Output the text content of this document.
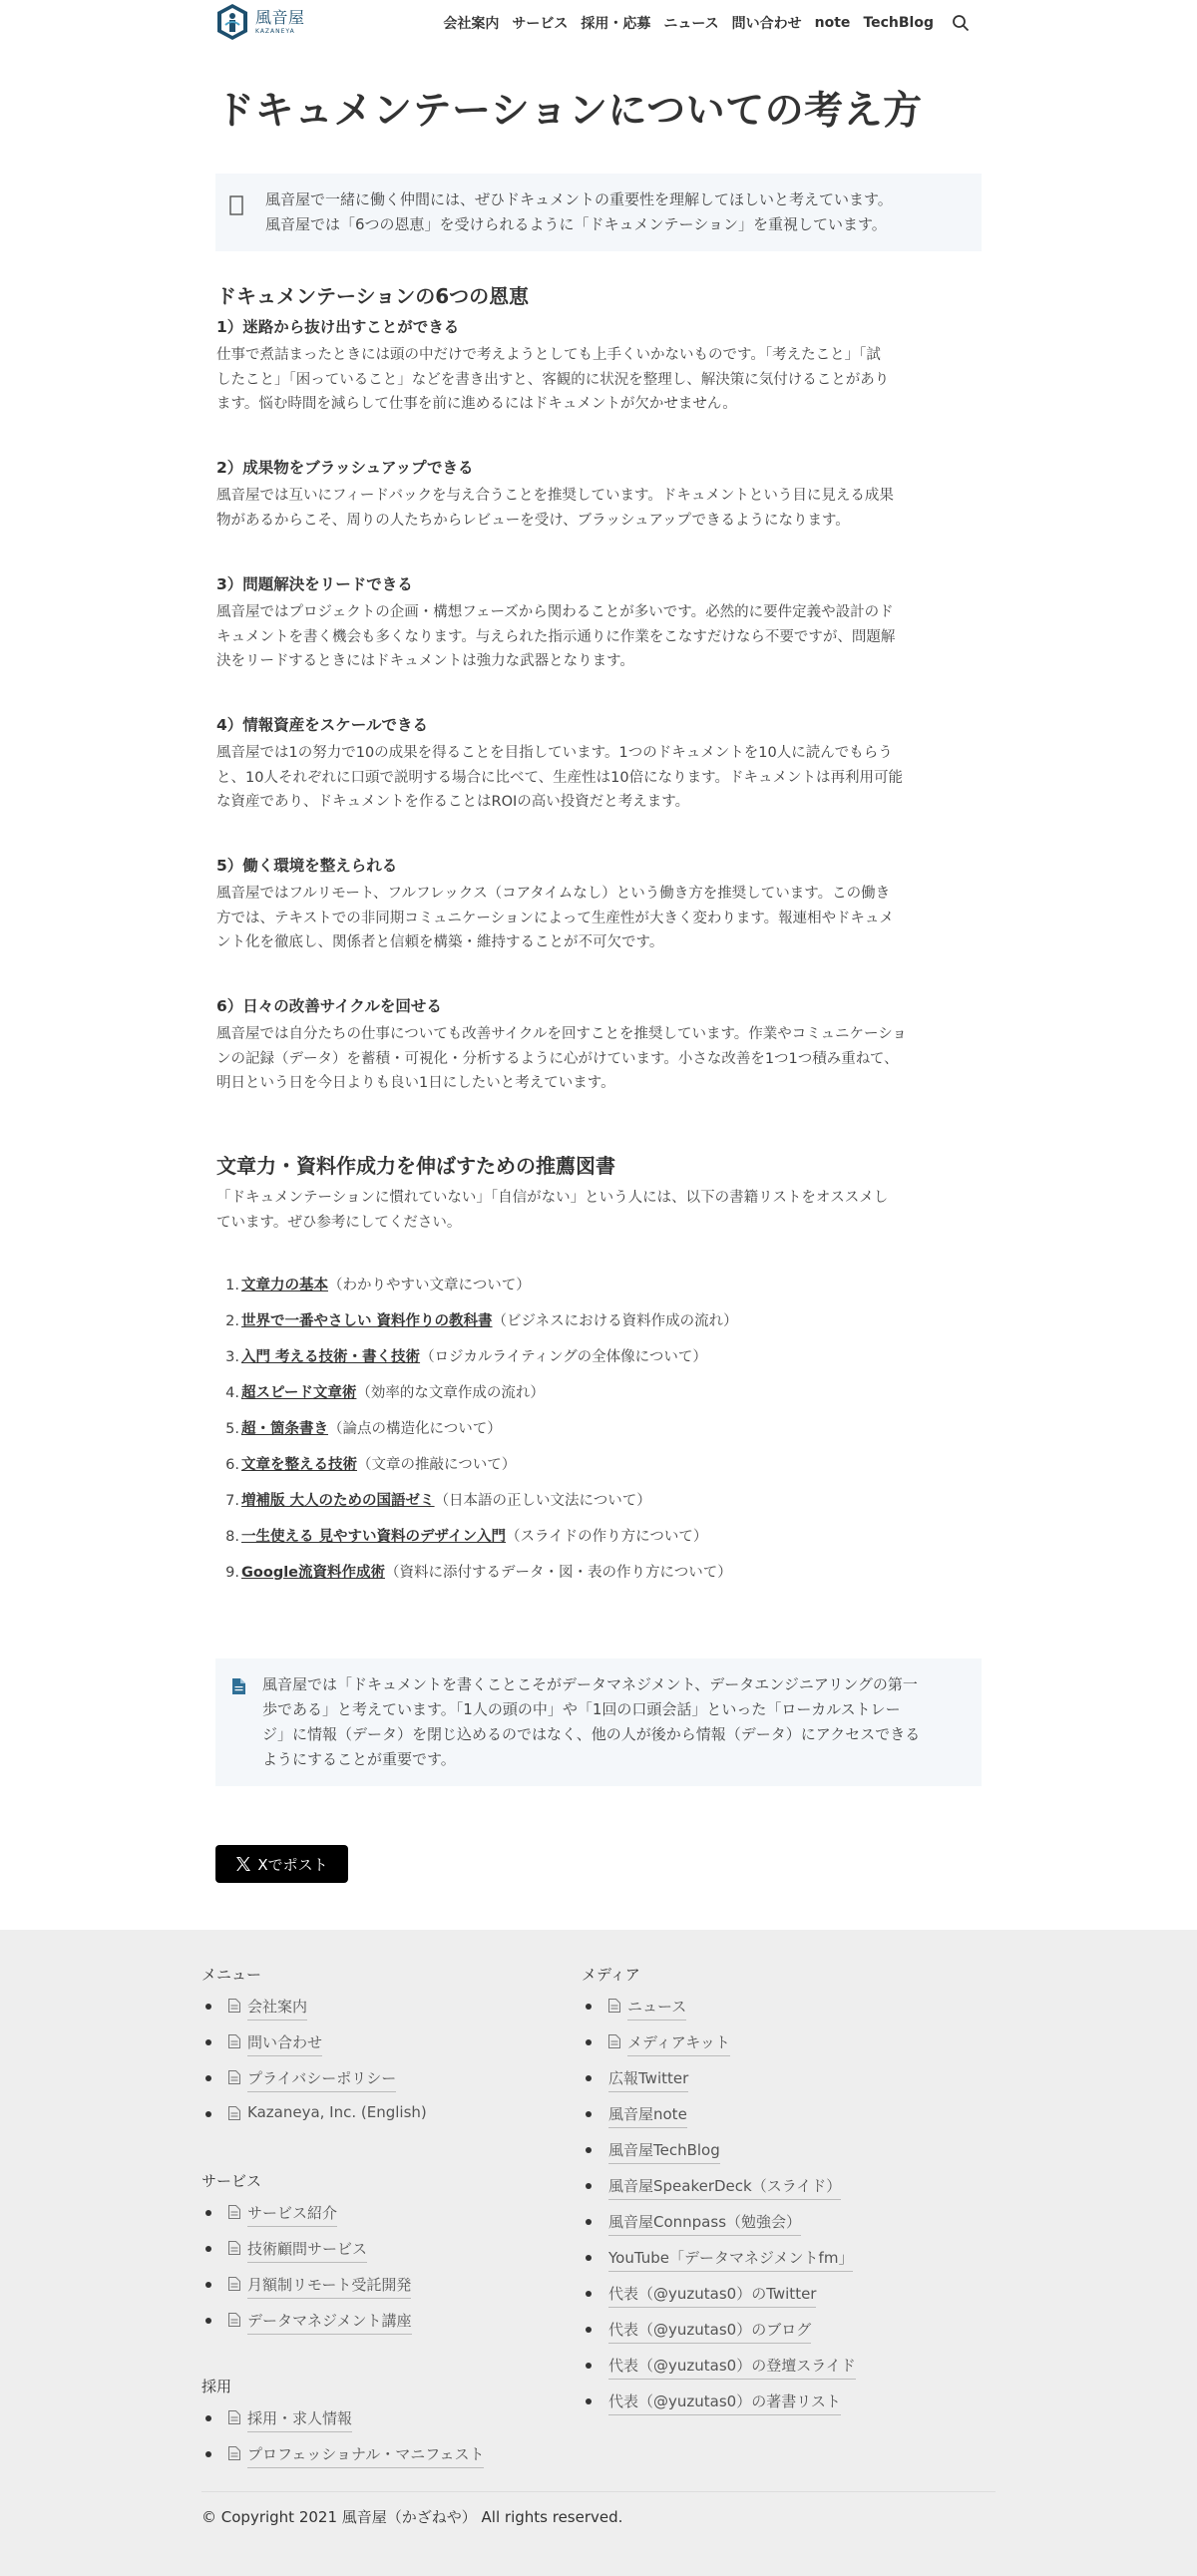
風音屋
KAZANEYA	会社案内 サービス 採用・応募 ニュース 問い合わせ note TechBlog
ドキュメンテーションについての考え方
風音屋で一緒に働く仲間には、ぜひドキュメントの重要性を理解してほしいと考えています。
風音屋では「6つの恩恵」を受けられるように「ドキュメンテーション」を重視しています。
ドキュメンテーションの6つの恩恵
1）迷路から抜け出すことができる

仕事で煮詰まったときには頭の中だけで考えようとしても上手くいかないものです。「考えたこと」「試
したこと」「困っていること」などを書き出すと、客観的に状況を整理し、解決策に気付けることがあり
ます。悩む時間を減らして仕事を前に進めるにはドキュメントが欠かせません。

2）成果物をブラッシュアップできる

風音屋では互いにフィードバックを与え合うことを推奨しています。ドキュメントという目に見える成果
物があるからこそ、周りの人たちからレビューを受け、ブラッシュアップできるようになります。

3）問題解決をリードできる

風音屋ではプロジェクトの企画・構想フェーズから関わることが多いです。必然的に要件定義や設計のド
キュメントを書く機会も多くなります。与えられた指示通りに作業をこなすだけなら不要ですが、問題解
決をリードするときにはドキュメントは強力な武器となります。

4）情報資産をスケールできる

風音屋では1の努力で10の成果を得ることを目指しています。1つのドキュメントを10人に読んでもらう
と、10人それぞれに口頭で説明する場合に比べて、生産性は10倍になります。ドキュメントは再利用可能
な資産であり、ドキュメントを作ることはROIの高い投資だと考えます。

5）働く環境を整えられる

風音屋ではフルリモート、フルフレックス（コアタイムなし）という働き方を推奨しています。この働き
方では、テキストでの非同期コミュニケーションによって生産性が大きく変わります。報連相やドキュメ
ント化を徹底し、関係者と信頼を構築・維持することが不可欠です。

6）日々の改善サイクルを回せる

風音屋では自分たちの仕事についても改善サイクルを回すことを推奨しています。作業やコミュニケーショ
ンの記録（データ）を蓄積・可視化・分析するように心がけています。小さな改善を1つ1つ積み重ねて、
明日という日を今日よりも良い1日にしたいと考えています。

文章力・資料作成力を伸ばすための推薦図書

「ドキュメンテーションに慣れていない」「自信がない」という人には、以下の書籍リストをオススメし
ています。ぜひ参考にしてください。

1. 文章力の基本（わかりやすい文章について）
2. 世界で一番やさしい 資料作りの教科書（ビジネスにおける資料作成の流れ）
3. 入門 考える技術・書く技術（ロジカルライティングの全体像について）
4. 超スピード文章術（効率的な文章作成の流れ）
5. 超・箇条書き（論点の構造化について）
6. 文章を整える技術（文章の推敲について）
7. 増補版 大人のための国語ゼミ（日本語の正しい文法について）
8. 一生使える 見やすい資料のデザイン入門（スライドの作り方について）
9. Google流資料作成術（資料に添付するデータ・図・表の作り方について）
風音屋では「ドキュメントを書くことこそがデータマネジメント、データエンジニアリングの第一
歩である」と考えています。「1人の頭の中」や「1回の口頭会話」といった「ローカルストレー
ジ」に情報（データ）を閉じ込めるのではなく、他の人が後から情報（データ）にアクセスできる
ようにすることが重要です。
Xでポスト
メニュー
会社案内
問い合わせ
プライバシーポリシー
Kazaneya, Inc. (English)
サービス
サービス紹介
技術顧問サービス
月額制リモート受託開発
データマネジメント講座
採用
採用・求人情報
プロフェッショナル・マニフェスト
メディア
ニュース
メディアキット
広報Twitter
風音屋note
風音屋TechBlog
風音屋SpeakerDeck（スライド）
風音屋Connpass（勉強会）
YouTube「データマネジメントfm」
代表（@yuzutas0）のTwitter
代表（@yuzutas0）のブログ
代表（@yuzutas0）の登壇スライド
代表（@yuzutas0）の著書リスト
© Copyright 2021 風音屋（かざねや） All rights reserved.
